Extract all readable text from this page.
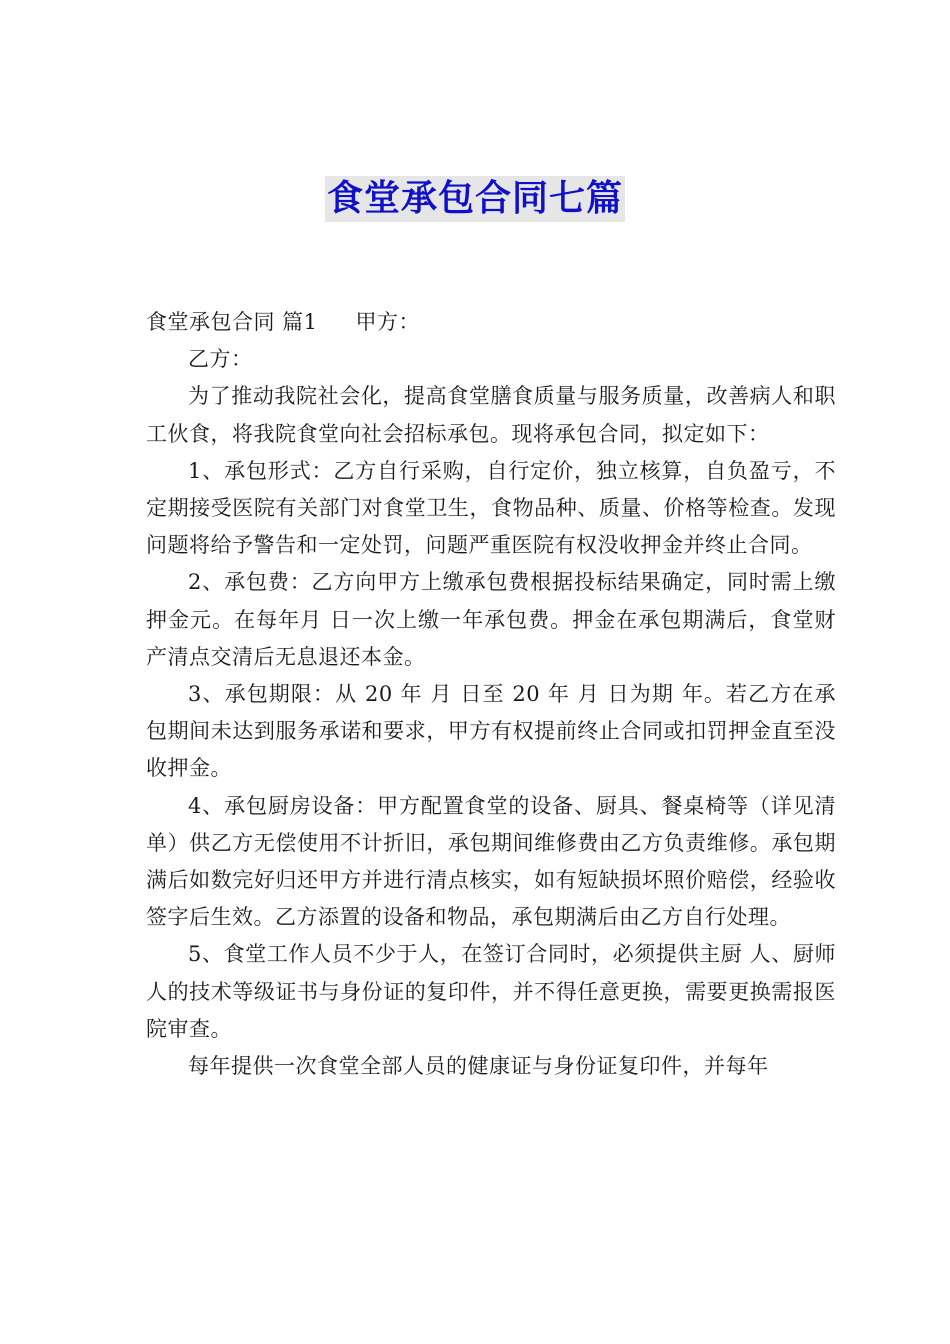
食堂承包合同七篇

食堂承包合同 篇1 甲方：

乙方：

为了推动我院社会化，提高食堂膳食质量与服务质量，改善病人和职工伙食，将我院食堂向社会招标承包。现将承包合同，拟定如下：

1、承包形式：乙方自行采购，自行定价，独立核算，自负盈亏，不定期接受医院有关部门对食堂卫生，食物品种、质量、价格等检查。发现问题将给予警告和一定处罚，问题严重医院有权没收押金并终止合同。

2、承包费：乙方向甲方上缴承包费根据投标结果确定，同时需上缴押金元。在每年月 日一次上缴一年承包费。押金在承包期满后，食堂财产清点交清后无息退还本金。

3、承包期限：从 20 年 月 日至 20 年 月 日为期 年。若乙方在承包期间未达到服务承诺和要求，甲方有权提前终止合同或扣罚押金直至没收押金。

4、承包厨房设备：甲方配置食堂的设备、厨具、餐桌椅等（详见清单）供乙方无偿使用不计折旧，承包期间维修费由乙方负责维修。承包期满后如数完好归还甲方并进行清点核实，如有短缺损坏照价赔偿，经验收签字后生效。乙方添置的设备和物品，承包期满后由乙方自行处理。

5、食堂工作人员不少于人，在签订合同时，必须提供主厨 人、厨师 人的技术等级证书与身份证的复印件，并不得任意更换，需要更换需报医院审查。

每年提供一次食堂全部人员的健康证与身份证复印件，并每年
